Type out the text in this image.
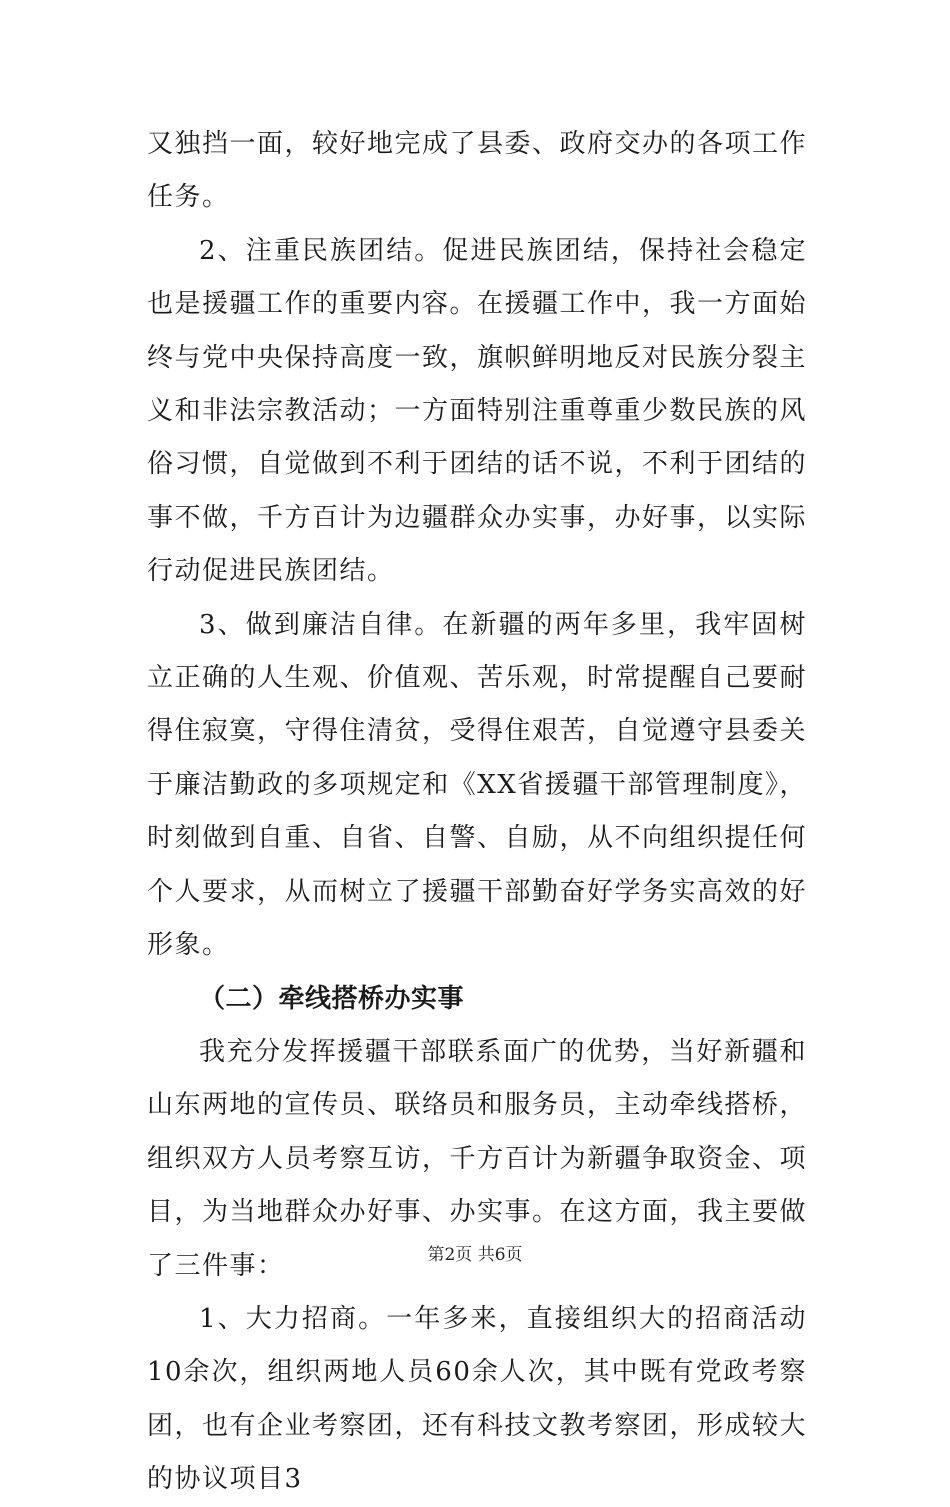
又独挡一面，较好地完成了县委、政府交办的各项工作任务。

2、注重民族团结。促进民族团结，保持社会稳定也是援疆工作的重要内容。在援疆工作中，我一方面始终与党中央保持高度一致，旗帜鲜明地反对民族分裂主义和非法宗教活动；一方面特别注重尊重少数民族的风俗习惯，自觉做到不利于团结的话不说，不利于团结的事不做，千方百计为边疆群众办实事，办好事，以实际行动促进民族团结。

3、做到廉洁自律。在新疆的两年多里，我牢固树立正确的人生观、价值观、苦乐观，时常提醒自己要耐得住寂寞，守得住清贫，受得住艰苦，自觉遵守县委关于廉洁勤政的多项规定和《XX省援疆干部管理制度》，时刻做到自重、自省、自警、自励，从不向组织提任何个人要求，从而树立了援疆干部勤奋好学务实高效的好形象。

（二）牵线搭桥办实事

我充分发挥援疆干部联系面广的优势，当好新疆和山东两地的宣传员、联络员和服务员，主动牵线搭桥，组织双方人员考察互访，千方百计为新疆争取资金、项目，为当地群众办好事、办实事。在这方面，我主要做了三件事：

1、大力招商。一年多来，直接组织大的招商活动10余次，组织两地人员60余人次，其中既有党政考察团，也有企业考察团，还有科技文教考察团，形成较大的协议项目3

第2页 共6页
